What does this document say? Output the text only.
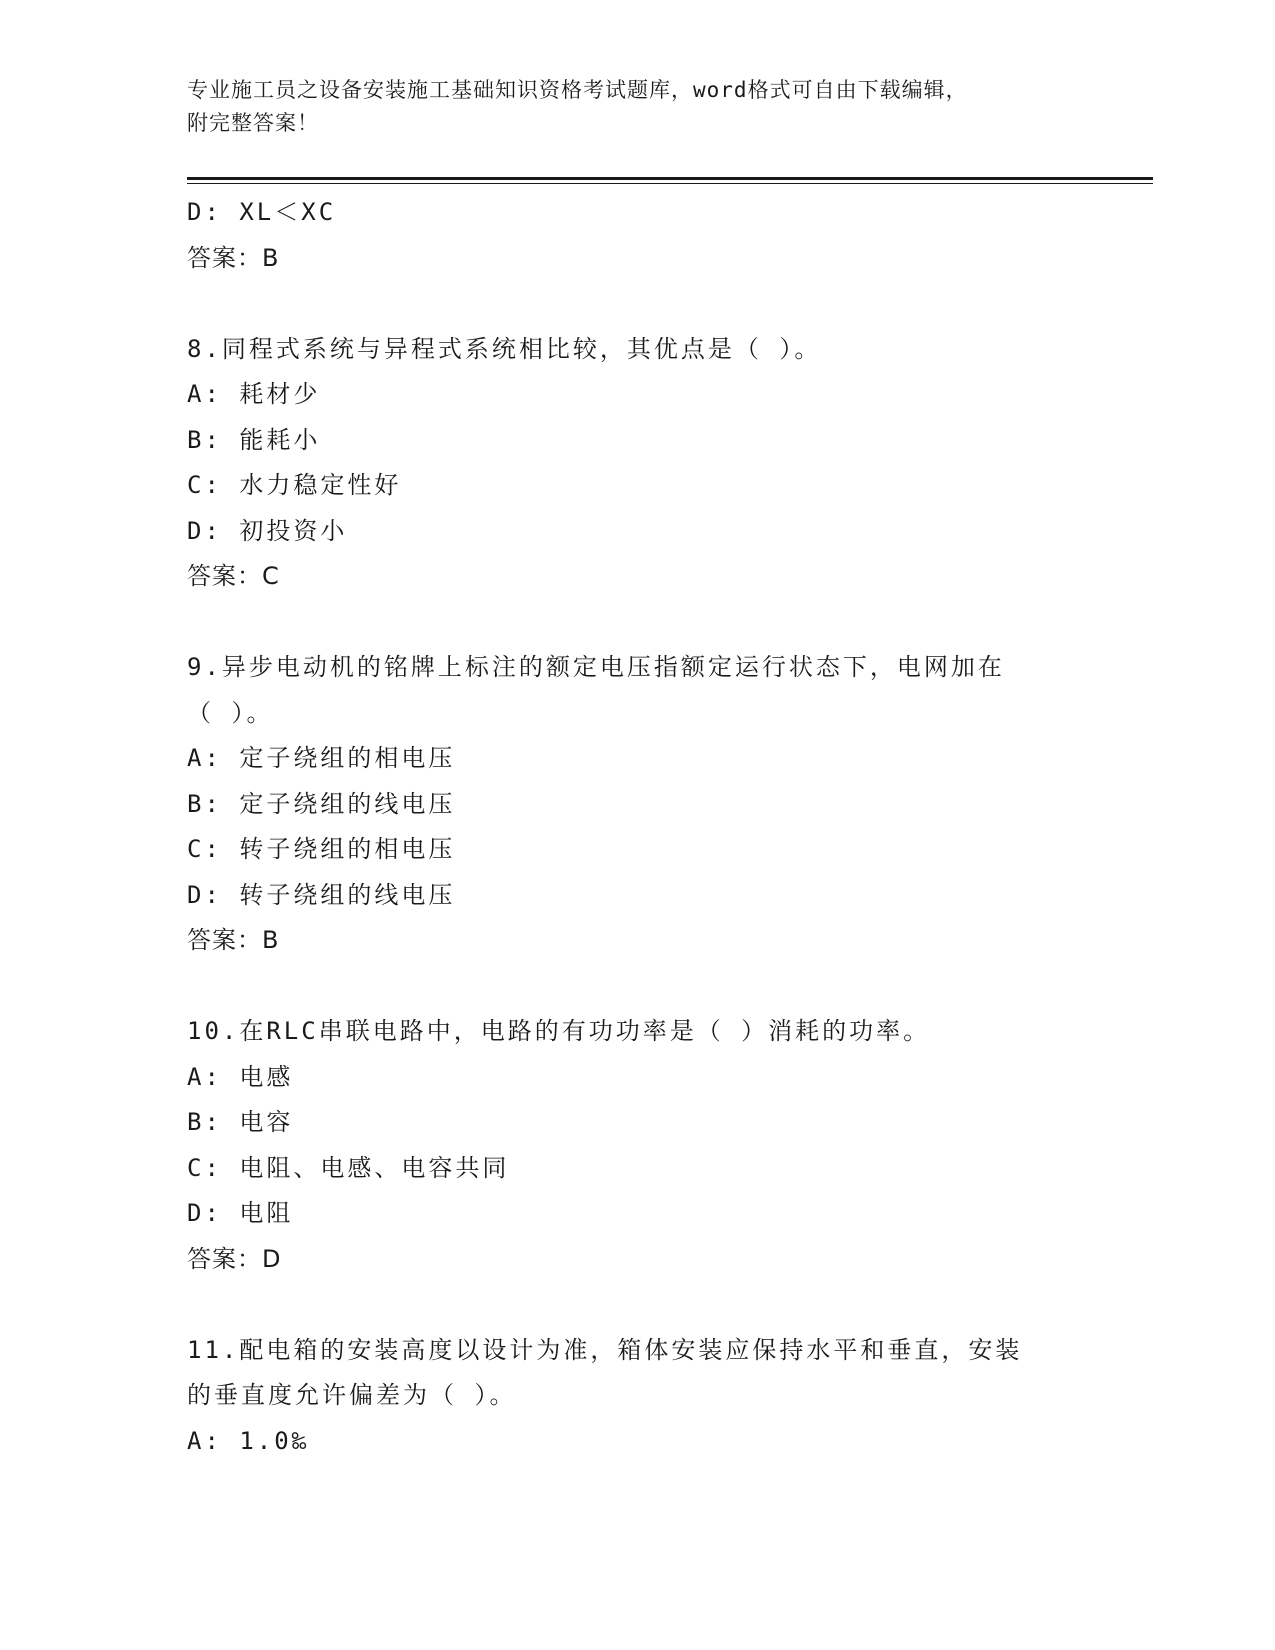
专业施工员之设备安装施工基础知识资格考试题库，word格式可自由下载编辑，
附完整答案！
D: XL＜XC
答案：B
8.同程式系统与异程式系统相比较，其优点是（ ）。
A: 耗材少
B: 能耗小
C: 水力稳定性好
D: 初投资小
答案：C
9.异步电动机的铭牌上标注的额定电压指额定运行状态下，电网加在
（ ）。
A: 定子绕组的相电压
B: 定子绕组的线电压
C: 转子绕组的相电压
D: 转子绕组的线电压
答案：B
10.在RLC串联电路中，电路的有功功率是（ ）消耗的功率。
A: 电感
B: 电容
C: 电阻、电感、电容共同
D: 电阻
答案：D
11.配电箱的安装高度以设计为准，箱体安装应保持水平和垂直，安装
的垂直度允许偏差为（ ）。
A: 1.0‰
